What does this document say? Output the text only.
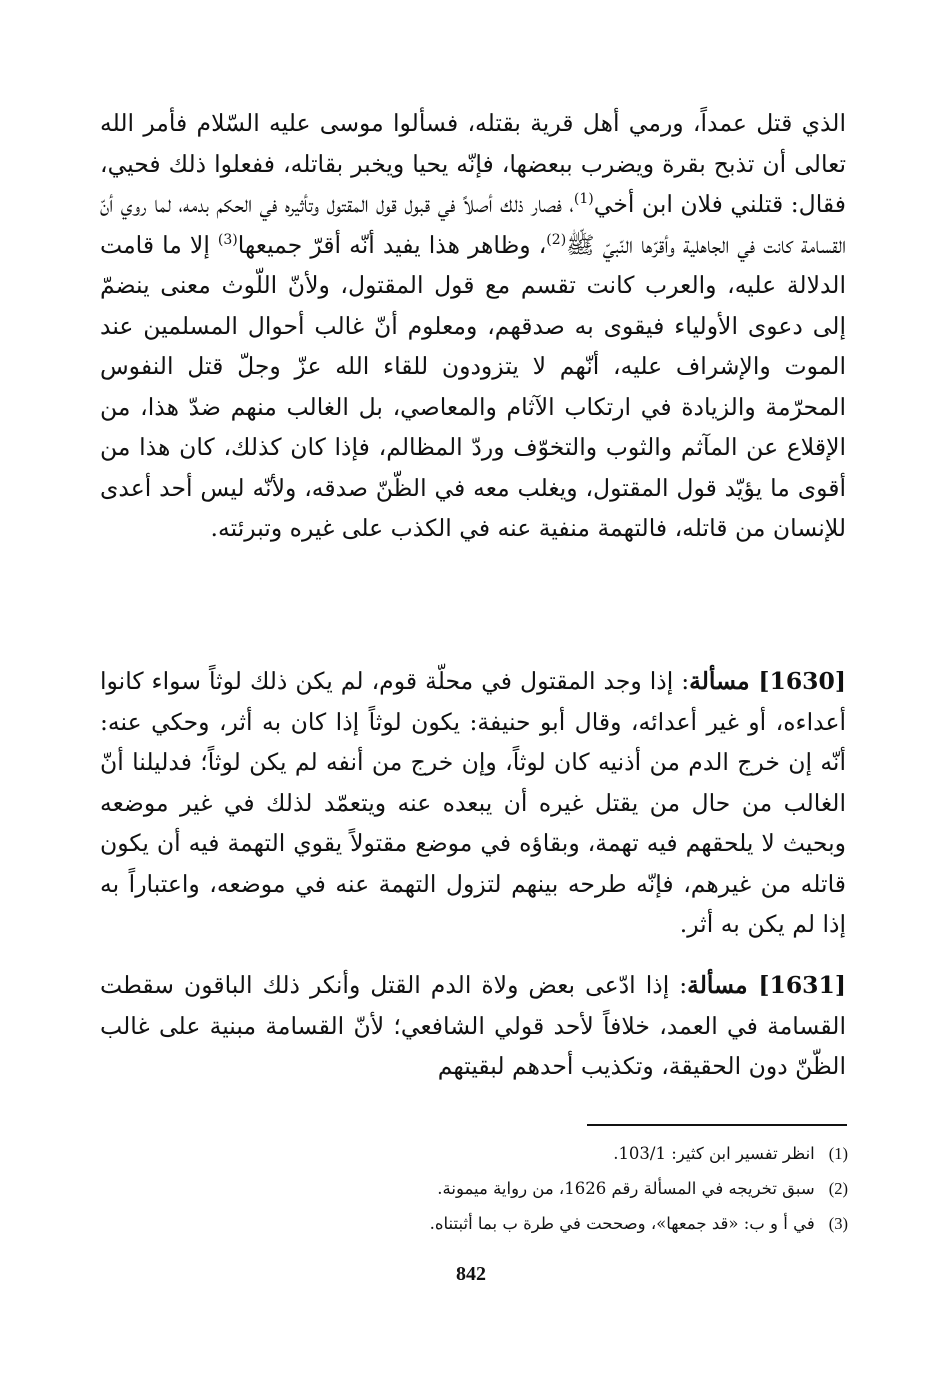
الذي قتل عمداً، ورمي أهل قرية بقتله، فسألوا موسى عليه السّلام فأمر الله تعالى أن تذبح بقرة ويضرب ببعضها، فإنّه يحيا ويخبر بقاتله، ففعلوا ذلك فحيي، فقال: قتلني فلان ابن أخي$^{(1)}$، فصار ذلك أصلاً في قبول قول المقتول وتأثيره في الحكم بدمه، لما روي أنّ القسامة كانت في الجاهلية وأقرّها النّبيّ ﷺ$^{(2)}$، وظاهر هذا يفيد أنّه أقرّ جميعها$^{(3)}$ إلا ما قامت الدلالة عليه، والعرب كانت تقسم مع قول المقتول، ولأنّ اللّوث معنى ينضمّ إلى دعوى الأولياء فيقوى به صدقهم، ومعلوم أنّ غالب أحوال المسلمين عند الموت والإشراف عليه، أنّهم لا يتزودون للقاء الله عزّ وجلّ قتل النفوس المحرّمة والزيادة في ارتكاب الآثام والمعاصي، بل الغالب منهم ضدّ هذا، من الإقلاع عن المآثم والثوب والتخوّف وردّ المظالم، فإذا كان كذلك، كان هذا من أقوى ما يؤيّد قول المقتول، ويغلب معه في الظّنّ صدقه، ولأنّه ليس أحد أعدى للإنسان من قاتله، فالتهمة منفية عنه في الكذب على غيره وتبرئته.

[1630] مسألة: إذا وجد المقتول في محلّة قوم، لم يكن ذلك لوثاً سواء كانوا أعداءه، أو غير أعدائه، وقال أبو حنيفة: يكون لوثاً إذا كان به أثر، وحكي عنه: أنّه إن خرج الدم من أذنيه كان لوثاً، وإن خرج من أنفه لم يكن لوثاً؛ فدليلنا أنّ الغالب من حال من يقتل غيره أن يبعده عنه ويتعمّد لذلك في غير موضعه وبحيث لا يلحقهم فيه تهمة، وبقاؤه في موضع مقتولاً يقوي التهمة فيه أن يكون قاتله من غيرهم، فإنّه طرحه بينهم لتزول التهمة عنه في موضعه، واعتباراً به إذا لم يكن به أثر.

[1631] مسألة: إذا ادّعى بعض ولاة الدم القتل وأنكر ذلك الباقون سقطت القسامة في العمد، خلافاً لأحد قولي الشافعي؛ لأنّ القسامة مبنية على غالب الظّنّ دون الحقيقة، وتكذيب أحدهم لبقيتهم

(1)انظر تفسير ابن كثير: 103/1.
(2)سبق تخريجه في المسألة رقم 1626، من رواية ميمونة.
(3)في أ و ب: «قد جمعها»، وصححت في طرة ب بما أثبتناه.
842
